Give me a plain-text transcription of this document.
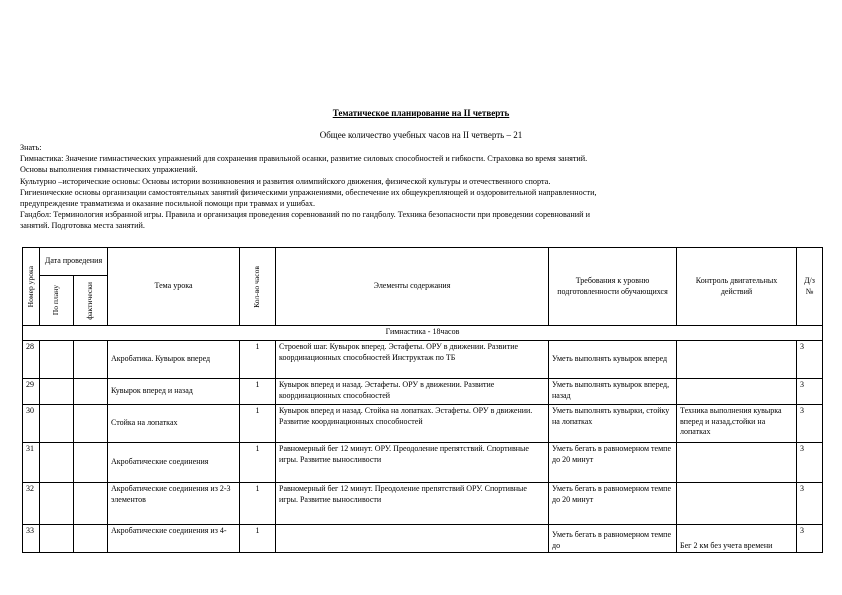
Тематическое планирование на II четверть
Общее количество учебных часов на II четверть – 21

Знать:

Гимнастика: Значение гимнастических упражнений для сохранения правильной осанки, развитие силовых способностей и гибкости. Страховка во время занятий.

Основы выполнения гимнастических упражнений.

Культурно –исторические основы: Основы истории возникновения и развития олимпийского движения, физической культуры и отечественного спорта.

Гигиенические основы организации самостоятельных занятий физическими упражнениями, обеспечение их общеукрепляющей и оздоровительной направленности,

предупреждение травматизма и оказание посильной помощи при травмах и ушибах.

Гандбол: Терминология избранной игры. Правила и организация проведения соревнований по по гандболу. Техника безопасности при проведении соревнований и

занятий. Подготовка места занятий.

Номер урока	Дата проведения		Тема урока	Кол-во часов	Элементы содержания	Требования к уровню подготовленности обучающихся	Контроль двигательных действий	Д/з №

	По плану	фактически						

Гимнастика - 18часов								
28			Акробатика. Кувырок вперед	1	Строевой шаг. Кувырок вперед. Эстафеты. ОРУ в движении. Развитие координационных способностей Инструктаж по ТБ	Уметь выполнять кувырок вперед		3
29			Кувырок вперед и назад	1	Кувырок вперед и назад. Эстафеты. ОРУ в движении. Развитие координационных способностей	Уметь выполнять кувырок вперед, назад		3
30			Стойка на лопатках	1	Кувырок вперед и назад. Стойка на лопатках. Эстафеты. ОРУ в движении. Развитие координационных способностей	Уметь выполнять кувырки, стойку на лопатках	Техника выполнения кувырка вперед и назад,стойки на лопатках	3
31			Акробатические соединения	1	Равномерный бег 12 минут. ОРУ. Преодоление препятствий. Спортивные игры. Развитие выносливости	Уметь бегать в равномерном темпе до 20 минут		3
32			Акробатические соединения из 2-3 элементов	1	Равномерный бег 12 минут. Преодоление препятствий ОРУ. Спортивные игры. Развитие выносливости	Уметь бегать в равномерном темпе до 20 минут		3
33			Акробатические соединения из 4-	1		Уметь бегать в равномерном темпе до	Бег 2 км без учета времени	3
